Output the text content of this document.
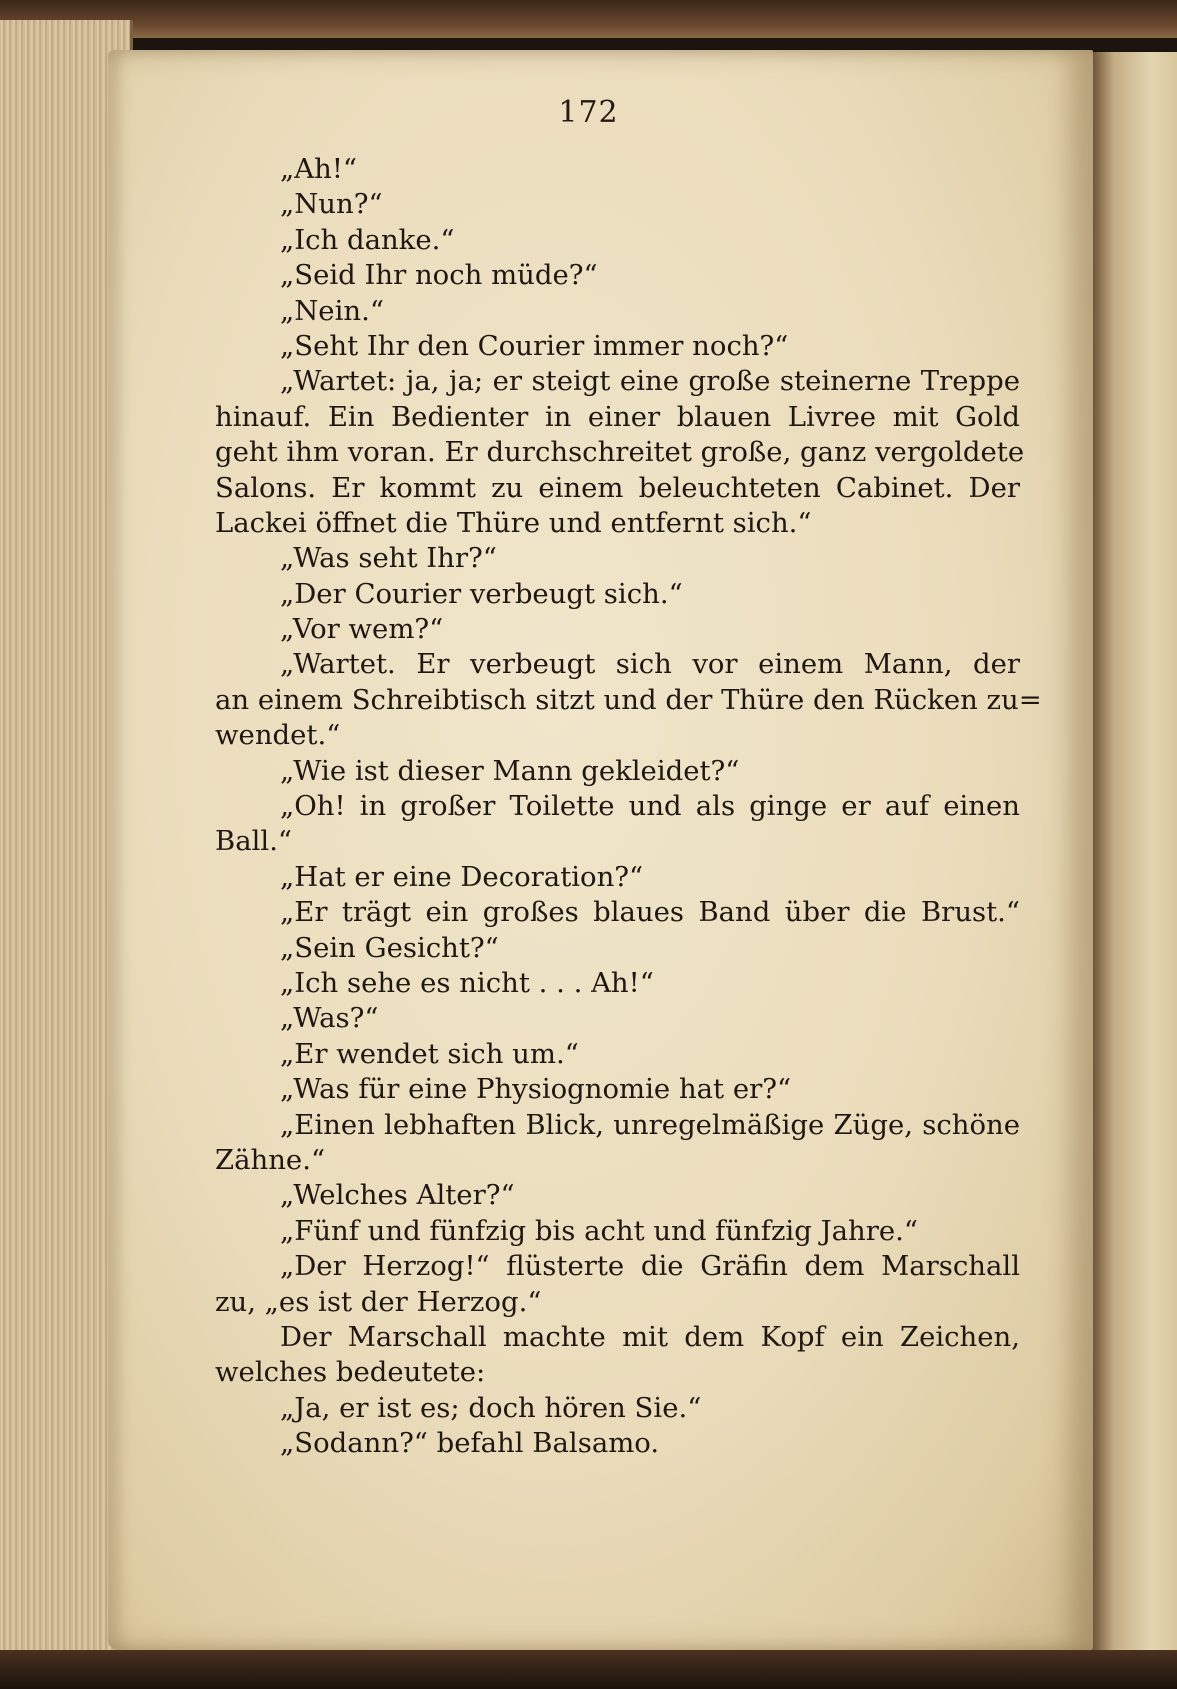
172
„Ah!“
„Nun?“
„Ich danke.“
„Seid Ihr noch müde?“
„Nein.“
„Seht Ihr den Courier immer noch?“
„Wartet: ja, ja; er steigt eine große steinerne Treppe
hinauf. Ein Bedienter in einer blauen Livree mit Gold
geht ihm voran. Er durchschreitet große, ganz vergoldete
Salons. Er kommt zu einem beleuchteten Cabinet. Der
Lackei öffnet die Thüre und entfernt sich.“
„Was seht Ihr?“
„Der Courier verbeugt sich.“
„Vor wem?“
„Wartet. Er verbeugt sich vor einem Mann, der
an einem Schreibtisch sitzt und der Thüre den Rücken zu=
wendet.“
„Wie ist dieser Mann gekleidet?“
„Oh! in großer Toilette und als ginge er auf einen
Ball.“
„Hat er eine Decoration?“
„Er trägt ein großes blaues Band über die Brust.“
„Sein Gesicht?“
„Ich sehe es nicht . . . Ah!“
„Was?“
„Er wendet sich um.“
„Was für eine Physiognomie hat er?“
„Einen lebhaften Blick, unregelmäßige Züge, schöne
Zähne.“
„Welches Alter?“
„Fünf und fünfzig bis acht und fünfzig Jahre.“
„Der Herzog!“ flüsterte die Gräfin dem Marschall
zu, „es ist der Herzog.“
Der Marschall machte mit dem Kopf ein Zeichen,
welches bedeutete:
„Ja, er ist es; doch hören Sie.“
„Sodann?“ befahl Balsamo.
